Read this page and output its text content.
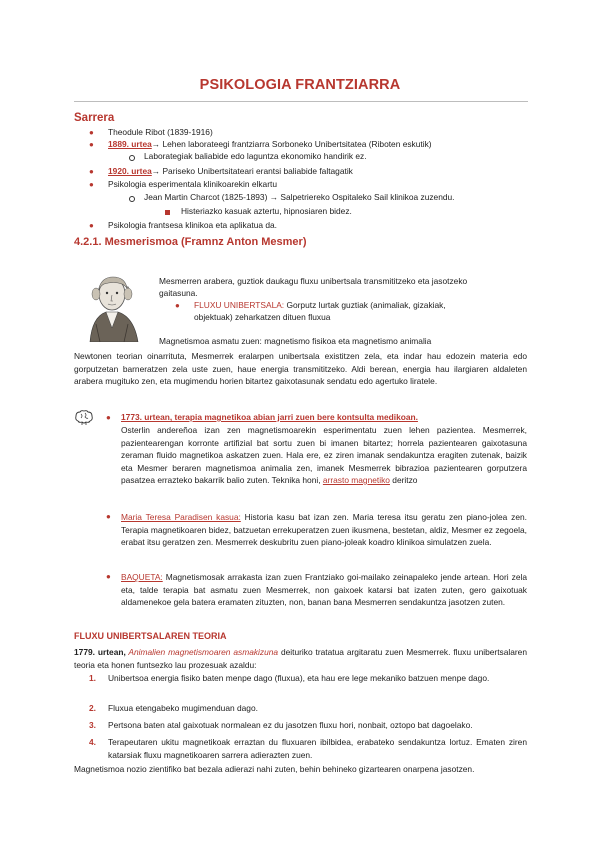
PSIKOLOGIA FRANTZIARRA
Sarrera
● Theodule Ribot (1839-1916)
● 1889. urtea→ Lehen laborateegi frantziarra Sorboneko Unibertsitatea (Riboten eskutik)
Laborategiak baliabide edo laguntza ekonomiko handirik ez.
● 1920. urtea→ Pariseko Unibertsitateari erantsi baliabide faltagatik
● Psikologia esperimentala klinikoarekin elkartu
Jean Martin Charcot (1825-1893) → Salpetriereko Ospitaleko Sail klinikoa zuzendu.
Histeriazko kasuak aztertu, hipnosiaren bidez.
● Psikologia frantsesa klinikoa eta aplikatua da.
4.2.1. Mesmerismoa (Framnz Anton Mesmer)
Mesmerren arabera, guztiok daukagu fluxu unibertsala transmititzeko eta jasotzeko
gaitasuna.
● FLUXU UNIBERTSALA: Gorputz lurtak guztiak (animaliak, gizakiak,
objektuak) zeharkatzen dituen fluxua
Magnetismoa asmatu zuen: magnetismo fisikoa eta magnetismo animalia
Newtonen teorian oinarrituta, Mesmerrek eralarpen unibertsala existitzen zela, eta indar hau edozein materia edo gorputzetan barneratzen zela uste zuen, haue energia transmititzeko. Aldi berean, energia hau ilargiaren aldaleten arabera mugituko zen, eta mugimendu horien bitartez gaixotasunak sendatu edo agertuko liratele.
● 1773. urtean, terapia magnetikoa abian jarri zuen bere kontsulta medikoan.
Osterlin andereñoa izan zen magnetismoarekin esperimentatu zuen lehen pazientea. Mesmerrek, pazientearengan korronte artifizial bat sortu zuen bi imanen bitartez; horrela pazientearen gaixotasuna zeraman fluido magnetikoa askatzen zuen. Hala ere, ez ziren imanak sendakuntza eragiten zutenak, baizik eta Mesmer beraren magnetismoa animalia zen, imanek Mesmerrek bibrazioa pazientearen gorputzera pasatzea errazteko bakarrik balio zuten. Teknika honi, arrasto magnetiko deritzo
● Maria Teresa Paradisen kasua: Historia kasu bat izan zen. Maria teresa itsu geratu zen piano-jolea zen. Terapia magnetikoaren bidez, batzuetan errekuperatzen zuen ikusmena, bestetan, aldiz, Mesmer ez zegoela, erabat itsu geratzen zen. Mesmerrek deskubritu zuen piano-joleak koadro klinikoa simulatzen zuela.
● BAQUETA: Magnetismosak arrakasta izan zuen Frantziako goi-mailako zeinapaleko jende artean. Hori zela eta, talde terapia bat asmatu zuen Mesmerrek, non gaixoek katarsi bat izaten zuten, gero gaixotuak aldamenekoe gela batera eramaten zituzten, non, banan bana Mesmerren sendakuntza jasotzen zuten.
FLUXU UNIBERTSALAREN TEORIA
1779. urtean, Animalien magnetismoaren asmakizuna deituriko tratatua argitaratu zuen Mesmerrek. fluxu unibertsalaren teoria eta honen funtsezko lau prozesuak azaldu:
1. Unibertsoa energia fisiko baten menpe dago (fluxua), eta hau ere lege mekaniko batzuen menpe dago.
2. Fluxua etengabeko mugimenduan dago.
3. Pertsona baten atal gaixotuak normalean ez du jasotzen fluxu hori, nonbait, oztopo bat dagoelako.
4. Terapeutaren ukitu magnetikoak erraztan du fluxuaren ibilbidea, erabateko sendakuntza lortuz. Ematen ziren katarsiak fluxu magnetikoaren sarrera adierazten zuen.
Magnetismoa nozio zientifiko bat bezala adierazi nahi zuten, behin behineko gizartearen onarpena jasotzen.
